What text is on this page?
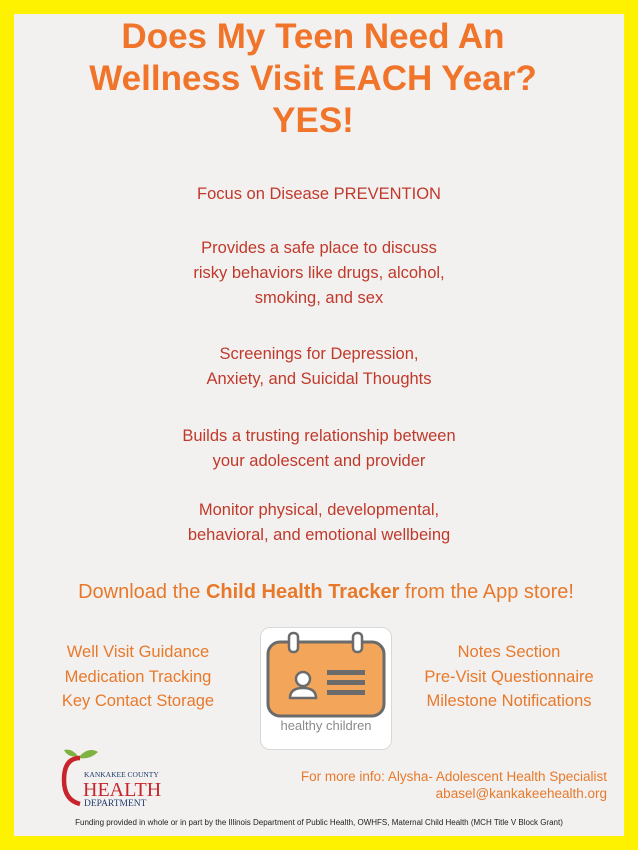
Does My Teen Need An
Wellness Visit EACH Year?
YES!
Focus on Disease PREVENTION
Provides a safe place to discuss
risky behaviors like drugs, alcohol,
smoking, and sex
Screenings for Depression,
Anxiety, and Suicidal Thoughts
Builds a trusting relationship between
your adolescent and provider
Monitor physical, developmental,
behavioral, and emotional wellbeing
Download the Child Health Tracker from the App store!
Well Visit Guidance
Medication Tracking
Key Contact Storage
Notes Section
Pre-Visit Questionnaire
Milestone Notifications
healthy children
KANKAKEE COUNTY
HEALTH
DEPARTMENT
For more info: Alysha- Adolescent Health Specialist
abasel@kankakeehealth.org
Funding provided in whole or in part by the Illinois Department of Public Health, OWHFS, Maternal Child Health (MCH Title V Block Grant)
